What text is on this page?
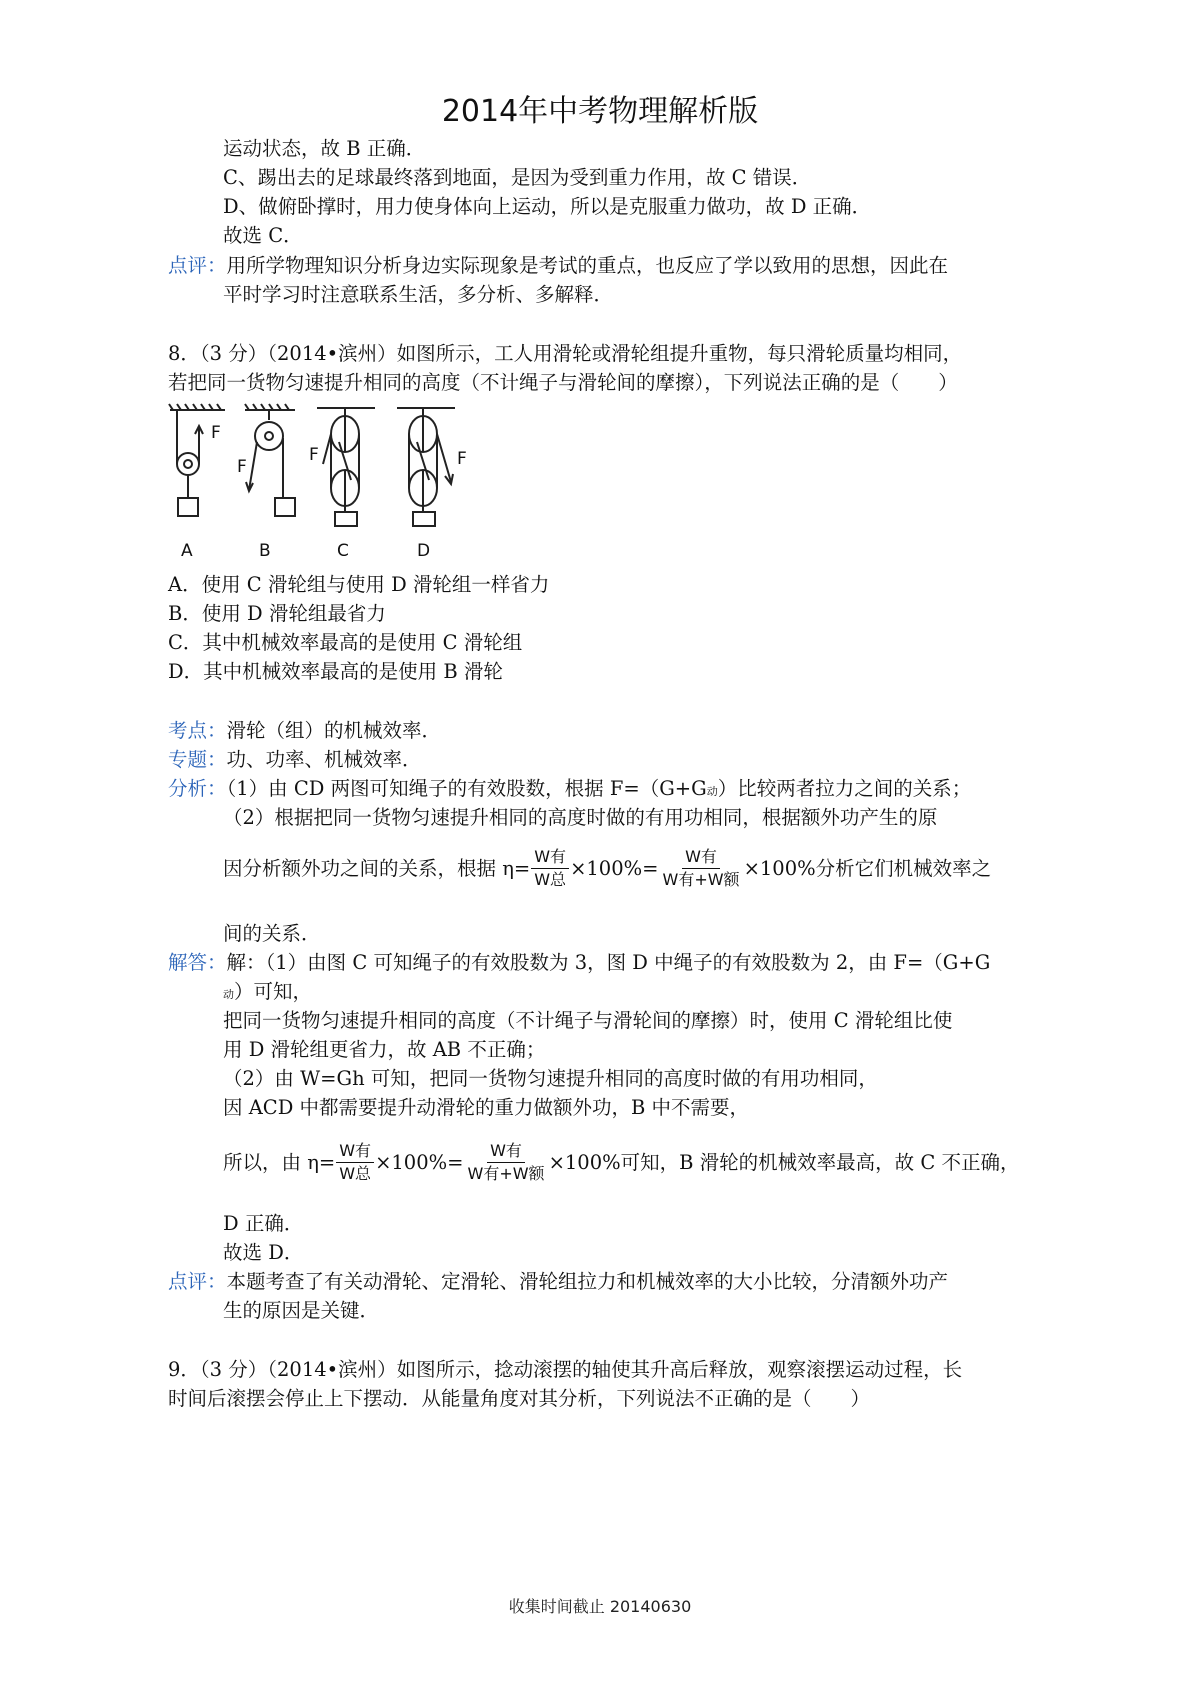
2014年中考物理解析版
运动状态，故 B 正确．
C、踢出去的足球最终落到地面，是因为受到重力作用，故 C 错误．
D、做俯卧撑时，用力使身体向上运动，所以是克服重力做功，故 D 正确．
故选 C．
点评：用所学物理知识分析身边实际现象是考试的重点，也反应了学以致用的思想，因此在
平时学习时注意联系生活，多分析、多解释．
8．（3 分）（2014•滨州）如图所示，工人用滑轮或滑轮组提升重物，每只滑轮质量均相同，
若把同一货物匀速提升相同的高度（不计绳子与滑轮间的摩擦），下列说法正确的是（　　）
F
F
F	F
A	B	C	D
A．使用 C 滑轮组与使用 D 滑轮组一样省力
B．使用 D 滑轮组最省力
C．其中机械效率最高的是使用 C 滑轮组
D．其中机械效率最高的是使用 B 滑轮
考点：滑轮（组）的机械效率．
专题：功、功率、机械效率．
分析：（1）由 CD 两图可知绳子的有效股数，根据 F=（G+G动）比较两者拉力之间的关系；
（2）根据把同一货物匀速提升相同的高度时做的有用功相同，根据额外功产生的原
因分析额外功之间的关系，根据 $\eta= \frac{\text{W有}}{\text{W总}} \times 100\%= \frac{\text{W有}}{\text{W有+W额}} \times 100\%$ 分析它们机械效率之
间的关系．
解答：解：（1）由图 C 可知绳子的有效股数为 3，图 D 中绳子的有效股数为 2，由 F=（G+G
动）可知，
把同一货物匀速提升相同的高度（不计绳子与滑轮间的摩擦）时，使用 C 滑轮组比使
用 D 滑轮组更省力，故 AB 不正确；
（2）由 W=Gh 可知，把同一货物匀速提升相同的高度时做的有用功相同，
因 ACD 中都需要提升动滑轮的重力做额外功，B 中不需要，
所以，由 $\eta= \frac{\text{W有}}{\text{W总}} \times 100\%= \frac{\text{W有}}{\text{W有+W额}} \times 100\%$ 可知，B 滑轮的机械效率最高，故 C 不正确，
D 正确．
故选 D．
点评：本题考查了有关动滑轮、定滑轮、滑轮组拉力和机械效率的大小比较，分清额外功产
生的原因是关键．
9．（3 分）（2014•滨州）如图所示，捻动滚摆的轴使其升高后释放，观察滚摆运动过程，长
时间后滚摆会停止上下摆动．从能量角度对其分析，下列说法不正确的是（　　）
收集时间截止 20140630
